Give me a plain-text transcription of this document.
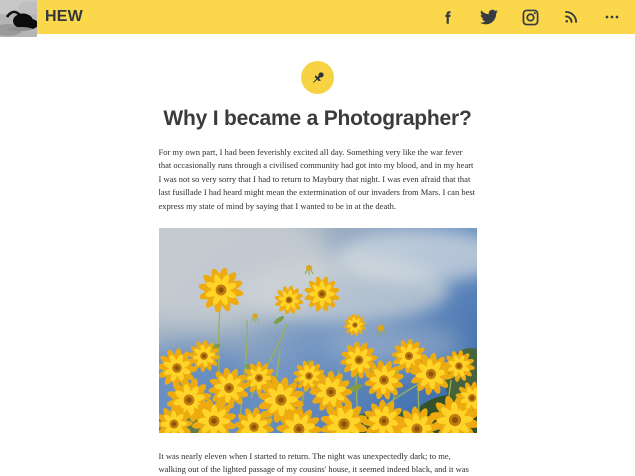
HEW
Why I became a Photographer?

For my own part, I had been feverishly excited all day. Something very like the war fever that occasionally runs through a civilised community had got into my blood, and in my heart I was not so very sorry that I had to return to Maybury that night. I was even afraid that that last fusillade I had heard might mean the extermination of our invaders from Mars. I can best express my state of mind by saying that I wanted to be in at the death.

It was nearly eleven when I started to return. The night was unexpectedly dark; to me, walking out of the lighted passage of my cousins' house, it seemed indeed black, and it was
